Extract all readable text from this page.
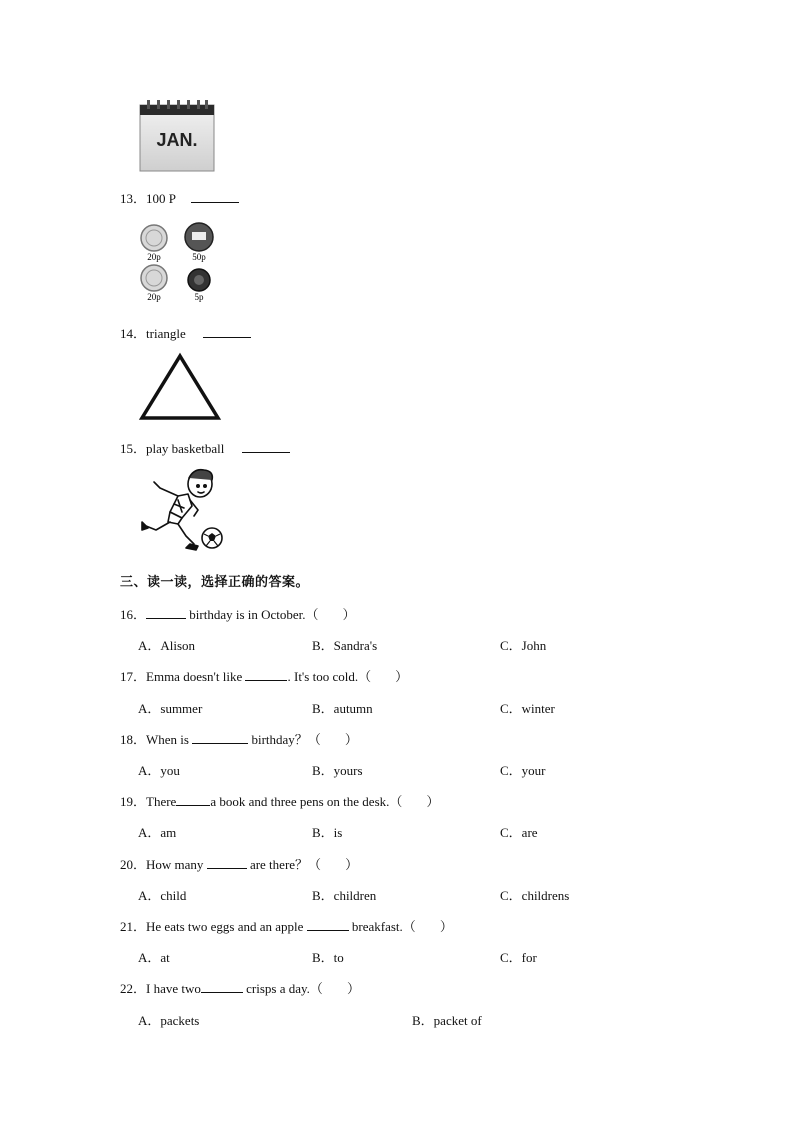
JAN.
13．100 P
20p	50p
20p	5p
14．triangle
15．play basketball
三、读一读，选择正确的答案。
16．	birthday is in October.（ ）
A．Alison	B．Sandra's	C．John
17．Emma doesn't like	. It's too cold.（ ）
A．summer	B．autumn	C．winter
18．When is	birthday？（ ）
A．you	B．yours	C．your
19．There	a book and three pens on the desk.（ ）
A．am	B．is	C．are
20．How many	are there？（ ）
A．child	B．children	C．childrens
21．He eats two eggs and an apple	breakfast.（ ）
A．at	B．to	C．for
22．I have two	crisps a day.（ ）
A．packets	B．packet of
